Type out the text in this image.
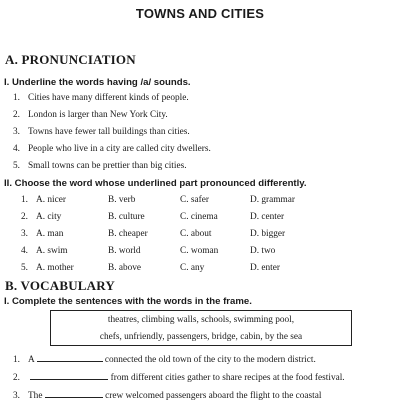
TOWNS AND CITIES
A. PRONUNCIATION
I. Underline the words having /a/ sounds.
1. Cities have many different kinds of people.
2. London is larger than New York City.
3. Towns have fewer tall buildings than cities.
4. People who live in a city are called city dwellers.
5. Small towns can be prettier than big cities.
II. Choose the word whose underlined part pronounced differently.
1. A. nicer	B. verb	C. safer	D. grammar
2. A. city	B. culture	C. cinema	D. center
3. A. man	B. cheaper	C. about	D. bigger
4. A. swim	B. world	C. woman	D. two
5. A. mother	B. above	C. any	D. enter
B. VOCABULARY
I. Complete the sentences with the words in the frame.
theatres, climbing walls, schools, swimming pool,
chefs, unfriendly, passengers, bridge, cabin, by the sea
1. A	connected the old town of the city to the modern district.
2.	from different cities gather to share recipes at the food festival.
3. The	crew welcomed passengers aboard the flight to the coastal
